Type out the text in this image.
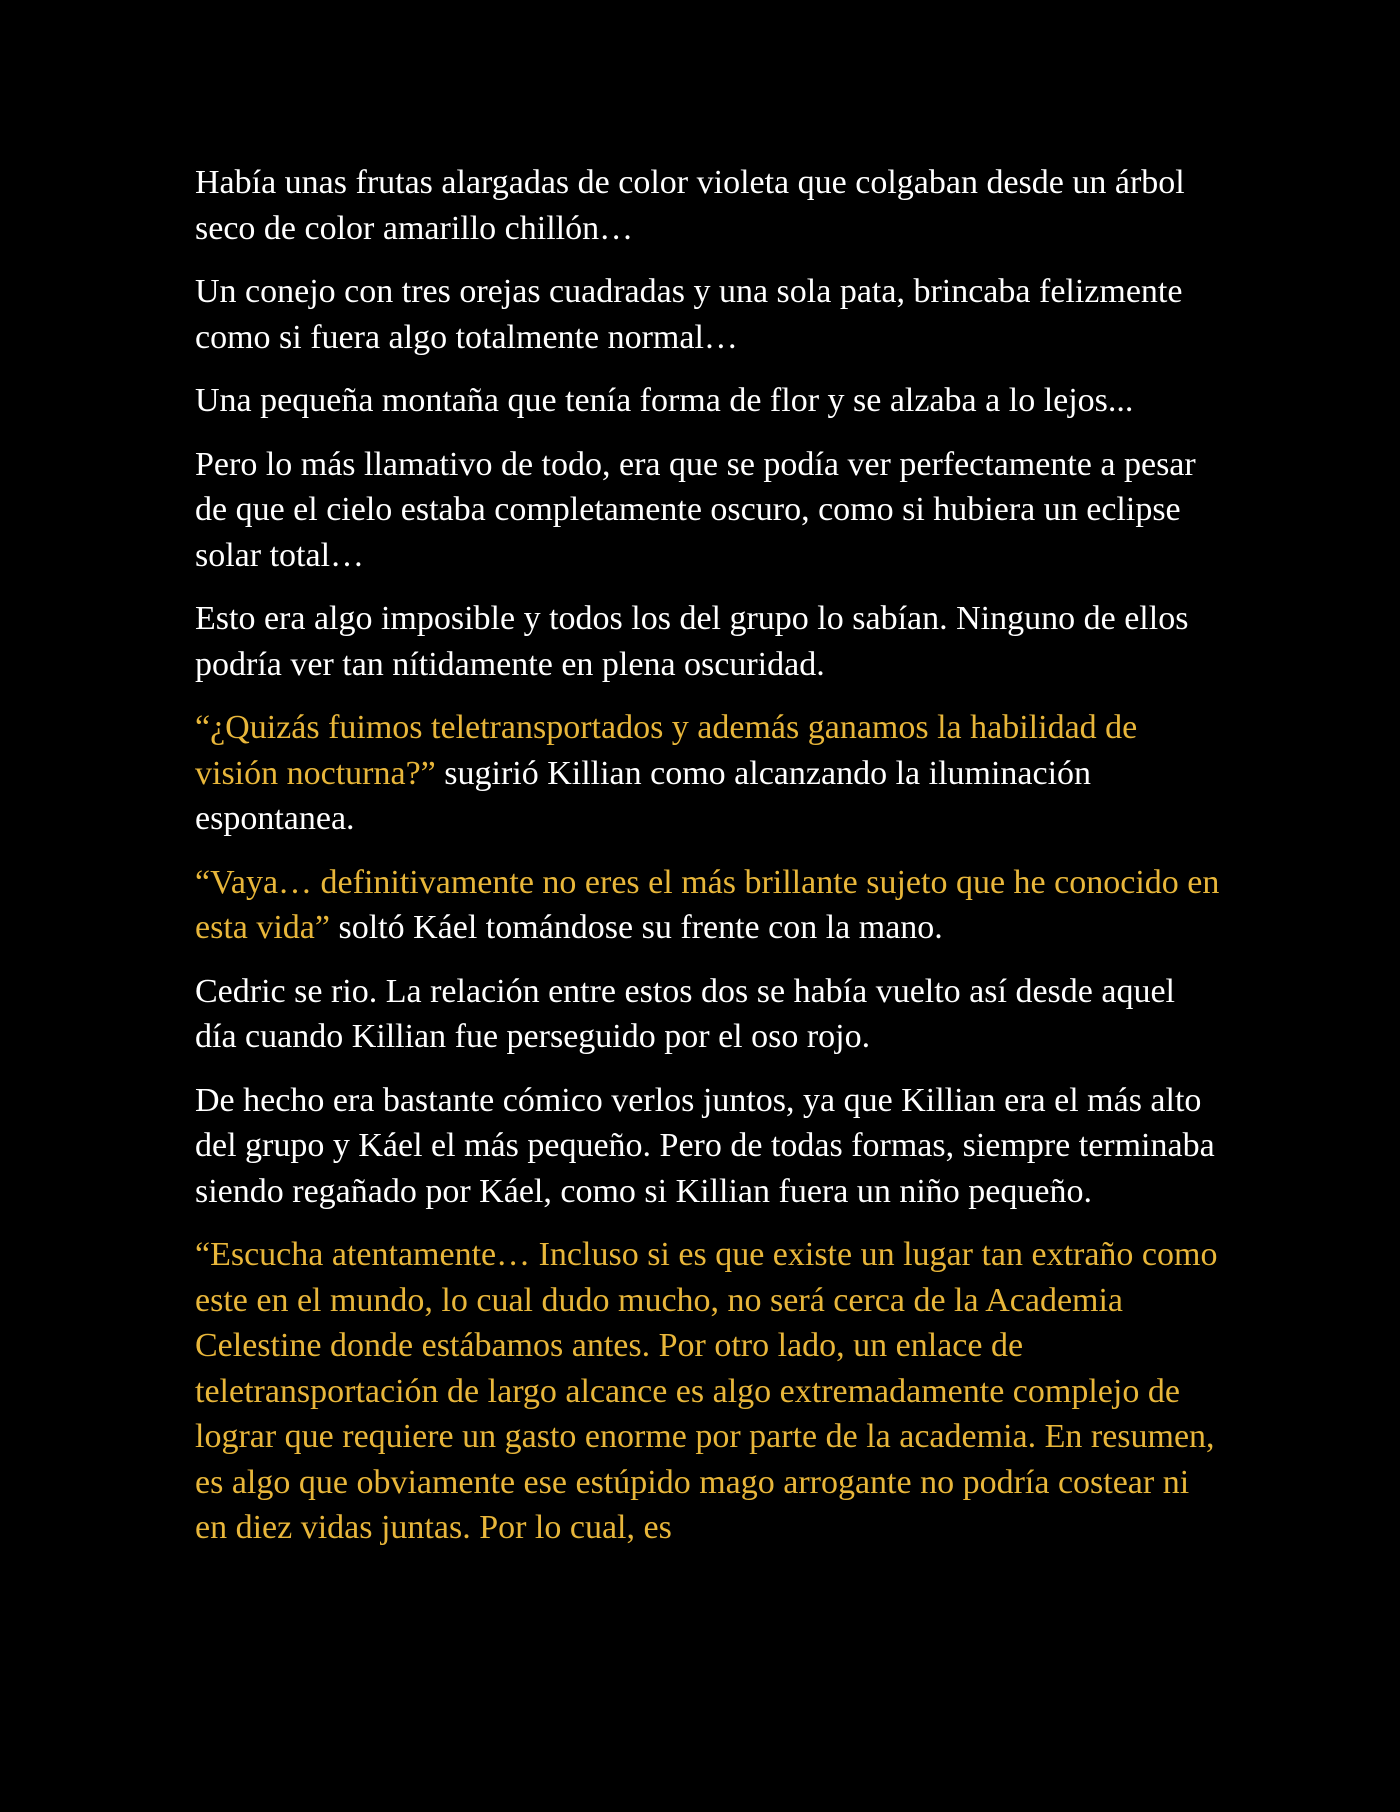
Había unas frutas alargadas de color violeta que colgaban desde un árbol seco de color amarillo chillón…

Un conejo con tres orejas cuadradas y una sola pata, brincaba felizmente como si fuera algo totalmente normal…

Una pequeña montaña que tenía forma de flor y se alzaba a lo lejos...

Pero lo más llamativo de todo, era que se podía ver perfectamente a pesar de que el cielo estaba completamente oscuro, como si hubiera un eclipse solar total…

Esto era algo imposible y todos los del grupo lo sabían. Ninguno de ellos podría ver tan nítidamente en plena oscuridad.

“¿Quizás fuimos teletransportados y además ganamos la habilidad de visión nocturna?” sugirió Killian como alcanzando la iluminación espontanea.

“Vaya… definitivamente no eres el más brillante sujeto que he conocido en esta vida” soltó Káel tomándose su frente con la mano.

Cedric se rio. La relación entre estos dos se había vuelto así desde aquel día cuando Killian fue perseguido por el oso rojo.

De hecho era bastante cómico verlos juntos, ya que Killian era el más alto del grupo y Káel el más pequeño. Pero de todas formas, siempre terminaba siendo regañado por Káel, como si Killian fuera un niño pequeño.

“Escucha atentamente… Incluso si es que existe un lugar tan extraño como este en el mundo, lo cual dudo mucho, no será cerca de la Academia Celestine donde estábamos antes. Por otro lado, un enlace de teletransportación de largo alcance es algo extremadamente complejo de lograr que requiere un gasto enorme por parte de la academia. En resumen, es algo que obviamente ese estúpido mago arrogante no podría costear ni en diez vidas juntas. Por lo cual, es
